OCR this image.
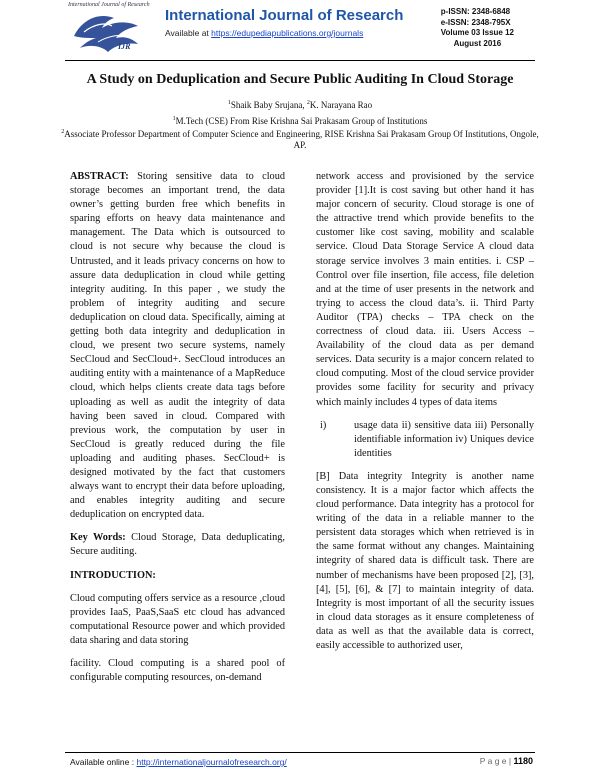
International Journal of Research
IJR
International Journal of Research
Available at https://edupediapublications.org/journals
p-ISSN: 2348-6848
e-ISSN: 2348-795X
Volume 03 Issue 12
August 2016
A Study on Deduplication and Secure Public Auditing In Cloud Storage
$^1$Shaik Baby Srujana, $^2$K. Narayana Rao
$^1$M.Tech (CSE) From Rise Krishna Sai Prakasam Group of Institutions
$^2$Associate Professor Department of Computer Science and Engineering, RISE Krishna Sai Prakasam Group Of Institutions, Ongole, AP.

ABSTRACT: Storing sensitive data to cloud storage becomes an important trend, the data owner’s getting burden free which benefits in sparing efforts on heavy data maintenance and management. The Data which is outsourced to cloud is not secure why because the cloud is Untrusted, and it leads privacy concerns on how to assure data deduplication in cloud while getting integrity auditing. In this paper , we study the problem of integrity auditing and secure deduplication on cloud data. Specifically, aiming at getting both data integrity and deduplication in cloud, we present two secure systems, namely SecCloud and SecCloud+. SecCloud introduces an auditing entity with a maintenance of a MapReduce cloud, which helps clients create data tags before uploading as well as audit the integrity of data having been saved in cloud. Compared with previous work, the computation by user in SecCloud is greatly reduced during the file uploading and auditing phases. SecCloud+ is designed motivated by the fact that customers always want to encrypt their data before uploading, and enables integrity auditing and secure deduplication on encrypted data.

Key Words: Cloud Storage, Data deduplicating, Secure auditing.

INTRODUCTION:

Cloud computing offers service as a resource ,cloud provides IaaS, PaaS,SaaS etc cloud has advanced computational Resource power and which provided data sharing and data storing

facility. Cloud computing is a shared pool of configurable computing resources, on-demand

network access and provisioned by the service provider [1].It is cost saving but other hand it has major concern of security. Cloud storage is one of the attractive trend which provide benefits to the customer like cost saving, mobility and scalable service. Cloud Data Storage Service A cloud data storage service involves 3 main entities. i. CSP – Control over file insertion, file access, file deletion and at the time of user presents in the network and trying to access the cloud data’s. ii. Third Party Auditor (TPA) checks – TPA check on the correctness of cloud data. iii. Users Access – Availability of the cloud data as per demand services. Data security is a major concern related to cloud computing. Most of the cloud service provider provides some facility for security and privacy which mainly includes 4 types of data items

i)	usage data ii) sensitive data iii) Personally identifiable information iv) Uniques device identities

[B] Data integrity Integrity is another name consistency. It is a major factor which affects the cloud performance. Data integrity has a protocol for writing of the data in a reliable manner to the persistent data storages which when retrieved is in the same format without any changes. Maintaining integrity of shared data is difficult task. There are number of mechanisms have been proposed [2], [3], [4], [5], [6], & [7] to maintain integrity of data. Integrity is most important of all the security issues in cloud data storages as it ensure completeness of data as well as that the available data is correct, easily accessible to authorized user,

Available online : http://internationaljournalofresearch.org/	P a g e | 1180
